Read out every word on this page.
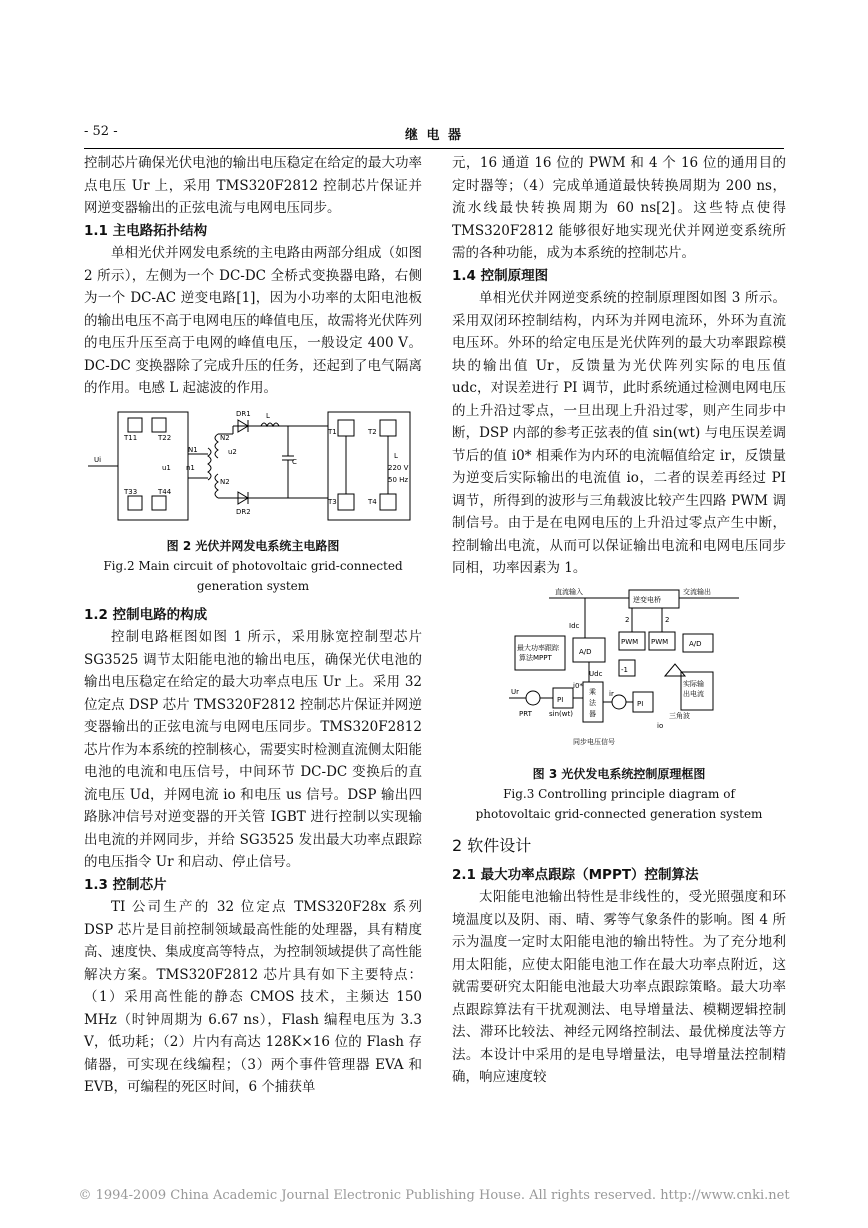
- 52 -	继 电 器

控制芯片确保光伏电池的输出电压稳定在给定的最大功率点电压 Ur 上，采用 TMS320F2812 控制芯片保证并网逆变器输出的正弦电流与电网电压同步。

1.1 主电路拓扑结构

单相光伏并网发电系统的主电路由两部分组成（如图 2 所示），左侧为一个 DC-DC 全桥式变换器电路，右侧为一个 DC-AC 逆变电路[1]，因为小功率的太阳电池板的输出电压不高于电网电压的峰值电压，故需将光伏阵列的电压升压至高于电网的峰值电压，一般设定 400 V。DC-DC 变换器除了完成升压的任务，还起到了电气隔离的作用。电感 L 起滤波的作用。

T11	T22
T33	T44
Ui
u1
N1
n1
N2
N2
u2
DR1
DR2
L
C
T1	T2
T3	T4
L
220 V
50 Hz
图 2 光伏并网发电系统主电路图
Fig.2 Main circuit of photovoltaic grid-connected generation system
1.2 控制电路的构成

控制电路框图如图 1 所示，采用脉宽控制型芯片 SG3525 调节太阳能电池的输出电压，确保光伏电池的输出电压稳定在给定的最大功率点电压 Ur 上。采用 32 位定点 DSP 芯片 TMS320F2812 控制芯片保证并网逆变器输出的正弦电流与电网电压同步。TMS320F2812 芯片作为本系统的控制核心，需要实时检测直流侧太阳能电池的电流和电压信号，中间环节 DC-DC 变换后的直流电压 Ud，并网电流 io 和电压 us 信号。DSP 输出四路脉冲信号对逆变器的开关管 IGBT 进行控制以实现输出电流的并网同步，并给 SG3525 发出最大功率点跟踪的电压指令 Ur 和启动、停止信号。

1.3 控制芯片

TI 公司生产的 32 位定点 TMS320F28x 系列 DSP 芯片是目前控制领域最高性能的处理器，具有精度高、速度快、集成度高等特点，为控制领域提供了高性能解决方案。TMS320F2812 芯片具有如下主要特点：（1）采用高性能的静态 CMOS 技术，主频达 150 MHz（时钟周期为 6.67 ns），Flash 编程电压为 3.3 V，低功耗；（2）片内有高达 128K×16 位的 Flash 存储器，可实现在线编程；（3）两个事件管理器 EVA 和 EVB，可编程的死区时间，6 个捕获单

元，16 通道 16 位的 PWM 和 4 个 16 位的通用目的定时器等；（4）完成单通道最快转换周期为 200 ns，流水线最快转换周期为 60 ns[2]。这些特点使得 TMS320F2812 能够很好地实现光伏并网逆变系统所需的各种功能，成为本系统的控制芯片。

1.4 控制原理图

单相光伏并网逆变系统的控制原理图如图 3 所示。采用双闭环控制结构，内环为并网电流环，外环为直流电压环。外环的给定电压是光伏阵列的最大功率跟踪模块的输出值 Ur，反馈量为光伏阵列实际的电压值 udc，对误差进行 PI 调节，此时系统通过检测电网电压的上升沿过零点，一旦出现上升沿过零，则产生同步中断，DSP 内部的参考正弦表的值 sin(wt) 与电压误差调节后的值 i0* 相乘作为内环的电流幅值给定 ir，反馈量为逆变后实际输出的电流值 io，二者的误差再经过 PI 调节，所得到的波形与三角载波比较产生四路 PWM 调制信号。由于是在电网电压的上升沿过零点产生中断，控制输出电流，从而可以保证输出电流和电网电压同步同相，功率因素为 1。

直流输入	交流输出
逆变电桥
最大功率跟踪
算法MPPT
Idc
A/D
A/D
PWM PWM
2	2
-1
Udc
Ur
PI
i0*
乘
法
器
ir
PI
实际输
出电流
三角波
io
PRT sin(wt)
同步电压信号
图 3 光伏发电系统控制原理框图
Fig.3 Controlling principle diagram of
photovoltaic grid-connected generation system
2 软件设计
2.1 最大功率点跟踪（MPPT）控制算法

太阳能电池输出特性是非线性的，受光照强度和环境温度以及阴、雨、晴、雾等气象条件的影响。图 4 所示为温度一定时太阳能电池的输出特性。为了充分地利用太阳能，应使太阳能电池工作在最大功率点附近，这就需要研究太阳能电池最大功率点跟踪策略。最大功率点跟踪算法有干扰观测法、电导增量法、模糊逻辑控制法、滞环比较法、神经元网络控制法、最优梯度法等方法。本设计中采用的是电导增量法，电导增量法控制精确，响应速度较

© 1994-2009 China Academic Journal Electronic Publishing House. All rights reserved. http://www.cnki.net
